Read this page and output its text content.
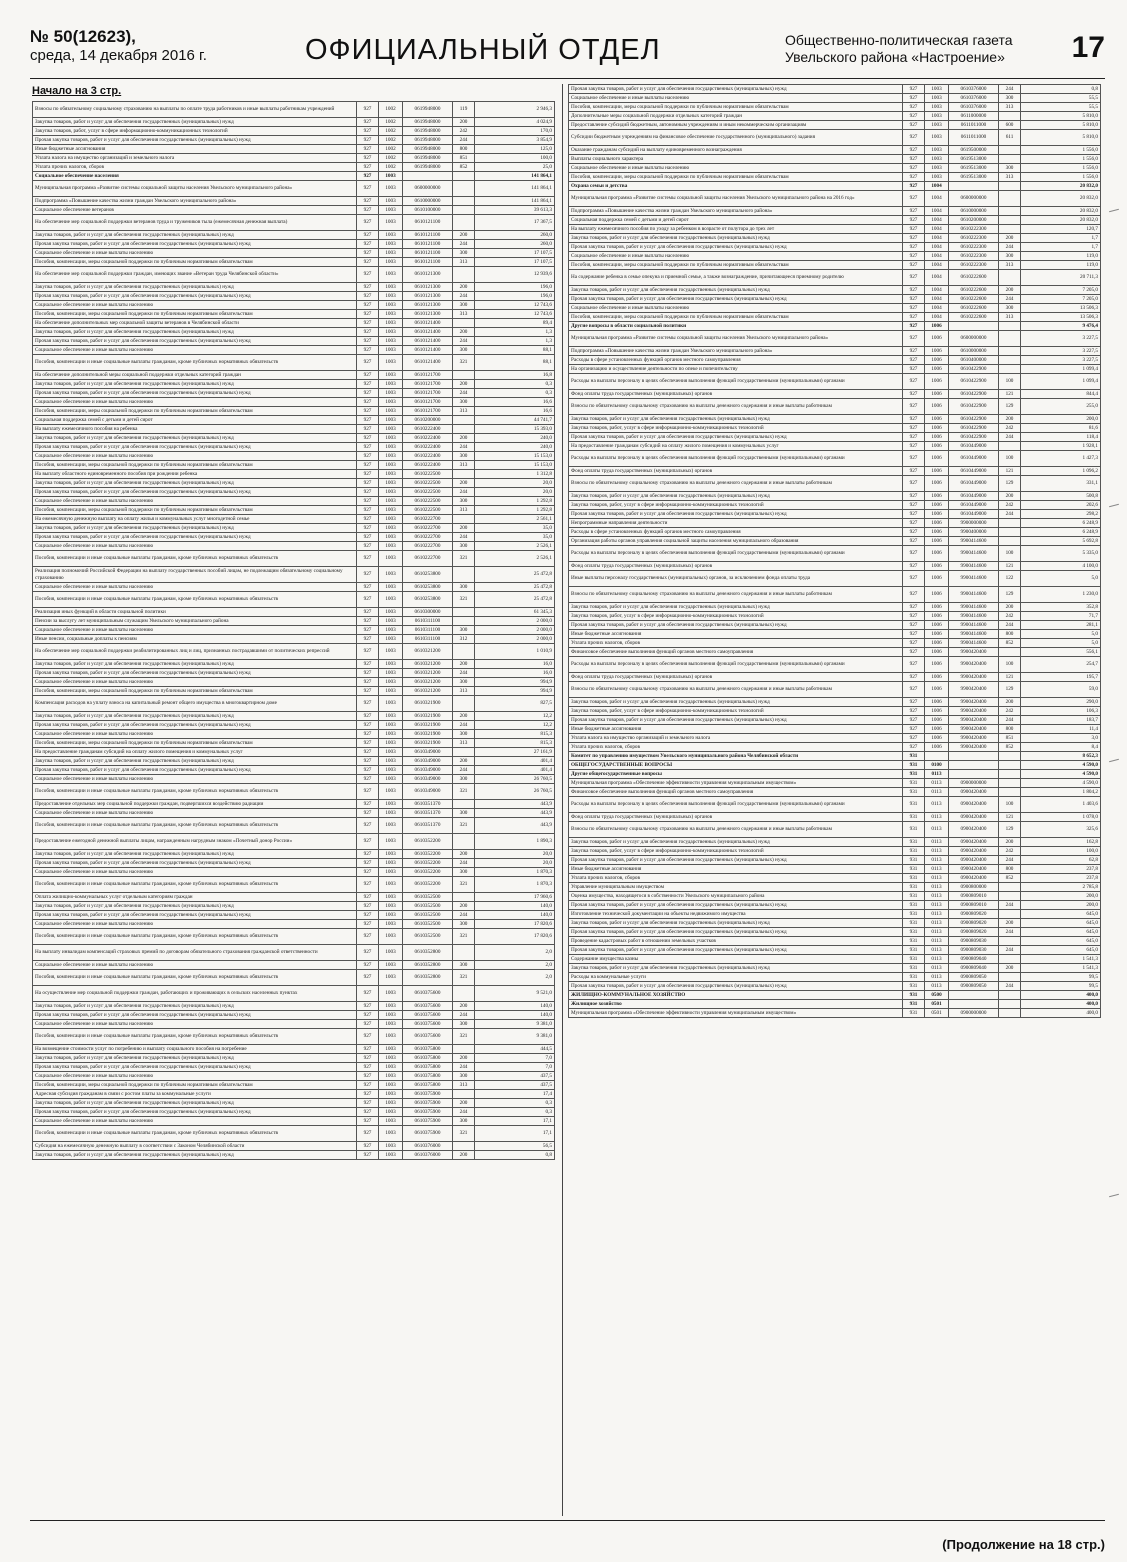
№ 50(12623),
среда, 14 декабря 2016 г.	ОФИЦИАЛЬНЫЙ ОТДЕЛ	Общественно-политическая газета
Увельского района «Настроение» 17
Начало на 3 стр.
Взносы по обязательному социальному страхованию на выплаты по оплате труда работников и иные выплаты работникам учреждений	927	1002	0619948000	119	2 946,3
Закупка товаров, работ и услуг для обеспечения государственных (муниципальных) нужд	927	1002	0619948000	200	4 024,9
Закупка товаров, работ, услуг в сфере информационно-коммуникационных технологий	927	1002	0619948000	242	170,0
Прочая закупка товаров, работ и услуг для обеспечения государственных (муниципальных) нужд	927	1002	0619948000	244	3 854,9
Иные бюджетные ассигнования	927	1002	0619948000	800	125,0
Уплата налога на имущество организаций и земельного налога	927	1002	0619948000	851	100,0
Уплата прочих налогов, сборов	927	1002	0619948000	852	25,0
Социальное обеспечение населения	927	1003			141 864,1
Муниципальная программа «Развитие системы социальной защиты населения Увельского муниципального района»	927	1003	0600000000		141 864,1
Подпрограмма «Повышение качества жизни граждан Увельского муниципального района»	927	1003	0610000000		141 864,1
Социальное обеспечение ветеранов	927	1003	0610100000		39 613,3
На обеспечение мер социальной поддержки ветеранов труда и тружеников тыла (ежемесячная денежная выплата)	927	1003	0610121100		17 367,5
Закупка товаров, работ и услуг для обеспечения государственных (муниципальных) нужд	927	1003	0610121100	200	260,0
Прочая закупка товаров, работ и услуг для обеспечения государственных (муниципальных) нужд	927	1003	0610121100	244	260,0
Социальное обеспечение и иные выплаты населению	927	1003	0610121100	300	17 107,5
Пособия, компенсации, меры социальной поддержки по публичным нормативным обязательствам	927	1003	0610121100	313	17 107,5
На обеспечение мер социальной поддержки граждан, имеющих звание «Ветеран труда Челябинской области»	927	1003	0610121300		12 939,6
Закупка товаров, работ и услуг для обеспечения государственных (муниципальных) нужд	927	1003	0610121300	200	196,0
Прочая закупка товаров, работ и услуг для обеспечения государственных (муниципальных) нужд	927	1003	0610121300	244	196,0
Социальное обеспечение и иные выплаты населению	927	1003	0610121300	300	12 743,6
Пособия, компенсации, меры социальной поддержки по публичным нормативным обязательствам	927	1003	0610121300	313	12 743,6
На обеспечение дополнительных мер социальной защиты ветеранов в Челябинской области	927	1003	0610121400		89,4
Закупка товаров, работ и услуг для обеспечения государственных (муниципальных) нужд	927	1003	0610121400	200	1,3
Прочая закупка товаров, работ и услуг для обеспечения государственных (муниципальных) нужд	927	1003	0610121400	244	1,3
Социальное обеспечение и иные выплаты населению	927	1003	0610121400	300	88,1
Пособия, компенсации и иные социальные выплаты гражданам, кроме публичных нормативных обязательств	927	1003	0610121400	321	88,1
На обеспечение дополнительной меры социальной поддержки отдельных категорий граждан	927	1003	0610121700		16,8
Закупка товаров, работ и услуг для обеспечения государственных (муниципальных) нужд	927	1003	0610121700	200	0,3
Прочая закупка товаров, работ и услуг для обеспечения государственных (муниципальных) нужд	927	1003	0610121700	244	0,3
Социальное обеспечение и иные выплаты населению	927	1003	0610121700	300	16,6
Пособия, компенсации, меры социальной поддержки по публичным нормативным обязательствам	927	1003	0610121700	313	16,6
Социальная поддержка семей с детьми и детей сирот	927	1003	0610200000		44 741,7
На выплату ежемесячного пособия на ребенка	927	1003	0610222400		15 393,0
Закупка товаров, работ и услуг для обеспечения государственных (муниципальных) нужд	927	1003	0610222400	200	240,0
Прочая закупка товаров, работ и услуг для обеспечения государственных (муниципальных) нужд	927	1003	0610222400	244	240,0
Социальное обеспечение и иные выплаты населению	927	1003	0610222400	300	15 153,0
Пособия, компенсации, меры социальной поддержки по публичным нормативным обязательствам	927	1003	0610222400	313	15 153,0
На выплату областного единовременного пособия при рождении ребенка	927	1003	0610222500		1 312,8
Закупка товаров, работ и услуг для обеспечения государственных (муниципальных) нужд	927	1003	0610222500	200	20,0
Прочая закупка товаров, работ и услуг для обеспечения государственных (муниципальных) нужд	927	1003	0610222500	244	20,0
Социальное обеспечение и иные выплаты населению	927	1003	0610222500	300	1 292,8
Пособия, компенсации, меры социальной поддержки по публичным нормативным обязательствам	927	1003	0610222500	313	1 292,8
На ежемесячную денежную выплату на оплату жилья и коммунальных услуг многодетной семье	927	1003	0610222700		2 561,1
Закупка товаров, работ и услуг для обеспечения государственных (муниципальных) нужд	927	1003	0610222700	200	35,0
Прочая закупка товаров, работ и услуг для обеспечения государственных (муниципальных) нужд	927	1003	0610222700	244	35,0
Социальное обеспечение и иные выплаты населению	927	1003	0610222700	300	2 526,1
Пособия, компенсации и иные социальные выплаты гражданам, кроме публичных нормативных обязательств	927	1003	0610222700	321	2 526,1
Реализация полномочий Российской Федерации на выплату государственных пособий лицам, не подлежащим обязательному социальному страхованию	927	1003	0610253800		25 472,8
Социальное обеспечение и иные выплаты населению	927	1003	0610253800	300	25 472,8
Пособия, компенсации и иные социальные выплаты гражданам, кроме публичных нормативных обязательств	927	1003	0610253800	321	25 472,8
Реализация иных функций в области социальной политики	927	1003	0610300000		61 345,3
Пенсии за выслугу лет муниципальным служащим Увельского муниципального района	927	1003	0610311100		2 000,0
Социальное обеспечение и иные выплаты населению	927	1003	0610311100	300	2 000,0
Иные пенсии, социальные доплаты к пенсиям	927	1003	0610311100	312	2 000,0
На обеспечение мер социальной поддержки реабилитированных лиц и лиц, признанных пострадавшими от политических репрессий	927	1003	0610321200		1 010,9
Закупка товаров, работ и услуг для обеспечения государственных (муниципальных) нужд	927	1003	0610321200	200	16,0
Прочая закупка товаров, работ и услуг для обеспечения государственных (муниципальных) нужд	927	1003	0610321200	244	16,0
Социальное обеспечение и иные выплаты населению	927	1003	0610321200	300	994,9
Пособия, компенсации, меры социальной поддержки по публичным нормативным обязательствам	927	1003	0610321200	313	994,9
Компенсация расходов на уплату взноса на капитальный ремонт общего имущества в многоквартирном доме	927	1003	0610321900		827,5
Закупка товаров, работ и услуг для обеспечения государственных (муниципальных) нужд	927	1003	0610321900	200	12,2
Прочая закупка товаров, работ и услуг для обеспечения государственных (муниципальных) нужд	927	1003	0610321900	244	12,2
Социальное обеспечение и иные выплаты населению	927	1003	0610321900	300	815,3
Пособия, компенсации, меры социальной поддержки по публичным нормативным обязательствам	927	1003	0610321900	313	815,3
На предоставление гражданам субсидий на оплату жилого помещения и коммунальных услуг	927	1003	0610349000		27 161,9
Закупка товаров, работ и услуг для обеспечения государственных (муниципальных) нужд	927	1003	0610349000	200	401,4
Прочая закупка товаров, работ и услуг для обеспечения государственных (муниципальных) нужд	927	1003	0610349000	244	401,4
Социальное обеспечение и иные выплаты населению	927	1003	0610349000	300	26 760,5
Пособия, компенсации и иные социальные выплаты гражданам, кроме публичных нормативных обязательств	927	1003	0610349000	321	26 760,5
Предоставление отдельных мер социальной поддержки граждан, подвергшихся воздействию радиации	927	1003	0610351370		443,9
Социальное обеспечение и иные выплаты населению	927	1003	0610351370	300	443,9
Пособия, компенсации и иные социальные выплаты гражданам, кроме публичных нормативных обязательств	927	1003	0610351370	321	443,9
Предоставление ежегодной денежной выплаты лицам, награжденным нагрудным знаком «Почетный донор России»	927	1003	0610352200		1 890,3
Закупка товаров, работ и услуг для обеспечения государственных (муниципальных) нужд	927	1003	0610352200	200	20,0
Прочая закупка товаров, работ и услуг для обеспечения государственных (муниципальных) нужд	927	1003	0610352200	244	20,0
Социальное обеспечение и иные выплаты населению	927	1003	0610352200	300	1 870,3
Пособия, компенсации и иные социальные выплаты гражданам, кроме публичных нормативных обязательств	927	1003	0610352200	321	1 870,3
Оплата жилищно-коммунальных услуг отдельным категориям граждан	927	1003	0610352500		17 960,6
Закупка товаров, работ и услуг для обеспечения государственных (муниципальных) нужд	927	1003	0610352500	200	140,0
Прочая закупка товаров, работ и услуг для обеспечения государственных (муниципальных) нужд	927	1003	0610352500	244	140,0
Социальное обеспечение и иные выплаты населению	927	1003	0610352500	300	17 820,6
Пособия, компенсации и иные социальные выплаты гражданам, кроме публичных нормативных обязательств	927	1003	0610352500	321	17 820,6
На выплату инвалидам компенсаций страховых премий по договорам обязательного страхования гражданской ответственности	927	1003	0610352800		2,0
Социальное обеспечение и иные выплаты населению	927	1003	0610352800	300	2,0
Пособия, компенсации и иные социальные выплаты гражданам, кроме публичных нормативных обязательств	927	1003	0610352800	321	2,0
На осуществление мер социальной поддержки граждан, работающих и проживающих в сельских населенных пунктах	927	1003	0610375600		9 521,0
Закупка товаров, работ и услуг для обеспечения государственных (муниципальных) нужд	927	1003	0610375600	200	140,0
Прочая закупка товаров, работ и услуг для обеспечения государственных (муниципальных) нужд	927	1003	0610375600	244	140,0
Социальное обеспечение и иные выплаты населению	927	1003	0610375600	300	9 381,0
Пособия, компенсации и иные социальные выплаты гражданам, кроме публичных нормативных обязательств	927	1003	0610375600	321	9 381,0
На возмещение стоимости услуг по погребению и выплату социального пособия на погребение	927	1003	0610375800		444,5
Закупка товаров, работ и услуг для обеспечения государственных (муниципальных) нужд	927	1003	0610375800	200	7,0
Прочая закупка товаров, работ и услуг для обеспечения государственных (муниципальных) нужд	927	1003	0610375800	244	7,0
Социальное обеспечение и иные выплаты населению	927	1003	0610375800	300	437,5
Пособия, компенсации, меры социальной поддержки по публичным нормативным обязательствам	927	1003	0610375800	313	437,5
Адресная субсидия гражданам в связи с ростом платы за коммунальные услуги	927	1003	0610375900		17,4
Закупка товаров, работ и услуг для обеспечения государственных (муниципальных) нужд	927	1003	0610375900	200	0,3
Прочая закупка товаров, работ и услуг для обеспечения государственных (муниципальных) нужд	927	1003	0610375900	244	0,3
Социальное обеспечение и иные выплаты населению	927	1003	0610375900	300	17,1
Пособия, компенсации и иные социальные выплаты гражданам, кроме публичных нормативных обязательств	927	1003	0610375900	321	17,1
Субсидия на ежемесячную денежную выплату в соответствии с Законом Челябинской области	927	1003	0610376000		56,5
Закупка товаров, работ и услуг для обеспечения государственных (муниципальных) нужд	927	1003	0610376000	200	0,8
Прочая закупка товаров, работ и услуг для обеспечения государственных (муниципальных) нужд	927	1003	0610376000	244	0,8
Социальное обеспечение и иные выплаты населению	927	1003	0610376000	300	55,5
Пособия, компенсации, меры социальной поддержки по публичным нормативным обязательствам	927	1003	0610376000	313	55,5
Дополнительные меры социальной поддержки отдельных категорий граждан	927	1003	0611000000		5 810,0
Предоставление субсидий бюджетным, автономным учреждениям и иным некоммерческим организациям	927	1003	0611011000	600	5 810,0
Субсидии бюджетным учреждениям на финансовое обеспечение государственного (муниципального) задания	927	1003	0611011000	611	5 810,0
Оказание гражданам субсидий на выплату единовременного вознаграждения	927	1003	0619500000		1 556,0
Выплаты социального характера	927	1003	0619513000		1 556,0
Социальное обеспечение и иные выплаты населению	927	1003	0619513000	300	1 556,0
Пособия, компенсации, меры социальной поддержки по публичным нормативным обязательствам	927	1003	0619513000	313	1 556,0
Охрана семьи и детства	927	1004			20 832,0
Муниципальная программа «Развитие системы социальной защиты населения Увельского муниципального района на 2016 год»	927	1004	0600000000		20 832,0
Подпрограмма «Повышение качества жизни граждан Увельского муниципального района»	927	1004	0610000000		20 832,0
Социальная поддержка семей с детьми и детей сирот	927	1004	0610200000		20 832,0
На выплату ежемесячного пособия по уходу за ребенком в возрасте от полутора до трех лет	927	1004	0610222300		120,7
Закупка товаров, работ и услуг для обеспечения государственных (муниципальных) нужд	927	1004	0610222300	200	1,7
Прочая закупка товаров, работ и услуг для обеспечения государственных (муниципальных) нужд	927	1004	0610222300	244	1,7
Социальное обеспечение и иные выплаты населению	927	1004	0610222300	300	119,0
Пособия, компенсации, меры социальной поддержки по публичным нормативным обязательствам	927	1004	0610222300	313	119,0
На содержание ребенка в семье опекуна и приемной семье, а также вознаграждение, причитающееся приемному родителю	927	1004	0610222600		20 711,3
Закупка товаров, работ и услуг для обеспечения государственных (муниципальных) нужд	927	1004	0610222600	200	7 205,0
Прочая закупка товаров, работ и услуг для обеспечения государственных (муниципальных) нужд	927	1004	0610222600	244	7 205,0
Социальное обеспечение и иные выплаты населению	927	1004	0610222600	300	13 506,3
Пособия, компенсации, меры социальной поддержки по публичным нормативным обязательствам	927	1004	0610222600	313	13 506,3
Другие вопросы в области социальной политики	927	1006			9 476,4
Муниципальная программа «Развитие системы социальной защиты населения Увельского муниципального района»	927	1006	0600000000		3 227,5
Подпрограмма «Повышение качества жизни граждан Увельского муниципального района»	927	1006	0610000000		3 227,5
Расходы в сфере установленных функций органов местного самоуправления	927	1006	0610400000		3 227,5
На организацию и осуществление деятельности по опеке и попечительству	927	1006	0610422900		1 099,4
Расходы на выплаты персоналу в целях обеспечения выполнения функций государственными (муниципальными) органами	927	1006	0610422900	100	1 099,4
Фонд оплаты труда государственных (муниципальных) органов	927	1006	0610422900	121	844,4
Взносы по обязательному социальному страхованию на выплаты денежного содержания и иные выплаты работникам	927	1006	0610422900	129	255,0
Закупка товаров, работ и услуг для обеспечения государственных (муниципальных) нужд	927	1006	0610422900	200	200,0
Закупка товаров, работ, услуг в сфере информационно-коммуникационных технологий	927	1006	0610422900	242	81,6
Прочая закупка товаров, работ и услуг для обеспечения государственных (муниципальных) нужд	927	1006	0610422900	244	118,4
На предоставление гражданам субсидий на оплату жилого помещения и коммунальных услуг	927	1006	0610449000		1 928,1
Расходы на выплаты персоналу в целях обеспечения выполнения функций государственными (муниципальными) органами	927	1006	0610449000	100	1 427,3
Фонд оплаты труда государственных (муниципальных) органов	927	1006	0610449000	121	1 096,2
Взносы по обязательному социальному страхованию на выплаты денежного содержания и иные выплаты работникам	927	1006	0610449000	129	331,1
Закупка товаров, работ и услуг для обеспечения государственных (муниципальных) нужд	927	1006	0610449000	200	500,8
Закупка товаров, работ, услуг в сфере информационно-коммуникационных технологий	927	1006	0610449000	242	202,6
Прочая закупка товаров, работ и услуг для обеспечения государственных (муниципальных) нужд	927	1006	0610449000	244	298,2
Непрограммные направления деятельности	927	1006	9900000000		6 248,9
Расходы в сфере установленных функций органов местного самоуправления	927	1006	9900400000		6 248,9
Организация работы органов управления социальной защиты населения муниципального образования	927	1006	9900414600		5 692,8
Расходы на выплаты персоналу в целях обеспечения выполнения функций государственными (муниципальными) органами	927	1006	9900414600	100	5 335,0
Фонд оплаты труда государственных (муниципальных) органов	927	1006	9900414600	121	4 100,0
Иные выплаты персоналу государственных (муниципальных) органов, за исключением фонда оплаты труда	927	1006	9900414600	122	5,0
Взносы по обязательному социальному страхованию на выплаты денежного содержания и иные выплаты работникам	927	1006	9900414600	129	1 230,0
Закупка товаров, работ и услуг для обеспечения государственных (муниципальных) нужд	927	1006	9900414600	200	352,8
Закупка товаров, работ, услуг в сфере информационно-коммуникационных технологий	927	1006	9900414600	242	71,7
Прочая закупка товаров, работ и услуг для обеспечения государственных (муниципальных) нужд	927	1006	9900414600	244	281,1
Иные бюджетные ассигнования	927	1006	9900414600	800	5,0
Уплата прочих налогов, сборов	927	1006	9900414600	852	5,0
Финансовое обеспечение выполнения функций органов местного самоуправления	927	1006	9900420400		556,1
Расходы на выплаты персоналу в целях обеспечения выполнения функций государственными (муниципальными) органами	927	1006	9900420400	100	254,7
Фонд оплаты труда государственных (муниципальных) органов	927	1006	9900420400	121	195,7
Взносы по обязательному социальному страхованию на выплаты денежного содержания и иные выплаты работникам	927	1006	9900420400	129	59,0
Закупка товаров, работ и услуг для обеспечения государственных (муниципальных) нужд	927	1006	9900420400	200	290,0
Закупка товаров, работ, услуг в сфере информационно-коммуникационных технологий	927	1006	9900420400	242	106,3
Прочая закупка товаров, работ и услуг для обеспечения государственных (муниципальных) нужд	927	1006	9900420400	244	183,7
Иные бюджетные ассигнования	927	1006	9900420400	800	11,4
Уплата налога на имущество организаций и земельного налога	927	1006	9900420400	851	3,0
Уплата прочих налогов, сборов	927	1006	9900420400	852	8,4
Комитет по управлению имуществом Увельского муниципального района Челябинской области	931				8 652,3
ОБЩЕГОСУДАРСТВЕННЫЕ ВОПРОСЫ	931	0100			4 590,0
Другие общегосударственные вопросы	931	0113			4 590,0
Муниципальная программа «Обеспечение эффективности управления муниципальным имуществом»	931	0113	0900000000		4 590,0
Финансовое обеспечение выполнения функций органов местного самоуправления	931	0113	0900420400		1 804,2
Расходы на выплаты персоналу в целях обеспечения выполнения функций государственными (муниципальными) органами	931	0113	0900420400	100	1 403,6
Фонд оплаты труда государственных (муниципальных) органов	931	0113	0900420400	121	1 078,0
Взносы по обязательному социальному страхованию на выплаты денежного содержания и иные выплаты работникам	931	0113	0900420400	129	325,6
Закупка товаров, работ и услуг для обеспечения государственных (муниципальных) нужд	931	0113	0900420400	200	162,8
Закупка товаров, работ, услуг в сфере информационно-коммуникационных технологий	931	0113	0900420400	242	100,0
Прочая закупка товаров, работ и услуг для обеспечения государственных (муниципальных) нужд	931	0113	0900420400	244	62,8
Иные бюджетные ассигнования	931	0113	0900420400	800	237,8
Уплата прочих налогов, сборов	931	0113	0900420400	852	237,8
Управление муниципальным имуществом	931	0113	0900800000		2 785,8
Оценка имущества, находящегося в собственности Увельского муниципального района	931	0113	0900809010		200,0
Прочая закупка товаров, работ и услуг для обеспечения государственных (муниципальных) нужд	931	0113	0900809010	244	200,0
Изготовление технической документации на объекты недвижимого имущества	931	0113	0900809020		645,0
Закупка товаров, работ и услуг для обеспечения государственных (муниципальных) нужд	931	0113	0900809020	200	645,0
Прочая закупка товаров, работ и услуг для обеспечения государственных (муниципальных) нужд	931	0113	0900809020	244	645,0
Проведение кадастровых работ в отношении земельных участков	931	0113	0900809030		645,0
Прочая закупка товаров, работ и услуг для обеспечения государственных (муниципальных) нужд	931	0113	0900809030	244	645,0
Содержание имущества казны	931	0113	0900809040		1 541,3
Закупка товаров, работ и услуг для обеспечения государственных (муниципальных) нужд	931	0113	0900809040	200	1 541,3
Расходы на коммунальные услуги	931	0113	0900809050		99,5
Прочая закупка товаров, работ и услуг для обеспечения государственных (муниципальных) нужд	931	0113	0900809050	244	99,5
ЖИЛИЩНО-КОММУНАЛЬНОЕ ХОЗЯЙСТВО	931	0500			400,0
Жилищное хозяйство	931	0501			400,0
Муниципальная программа «Обеспечение эффективности управления муниципальным имуществом»	931	0501	0900000000		400,0
(Продолжение на 18 стр.)
